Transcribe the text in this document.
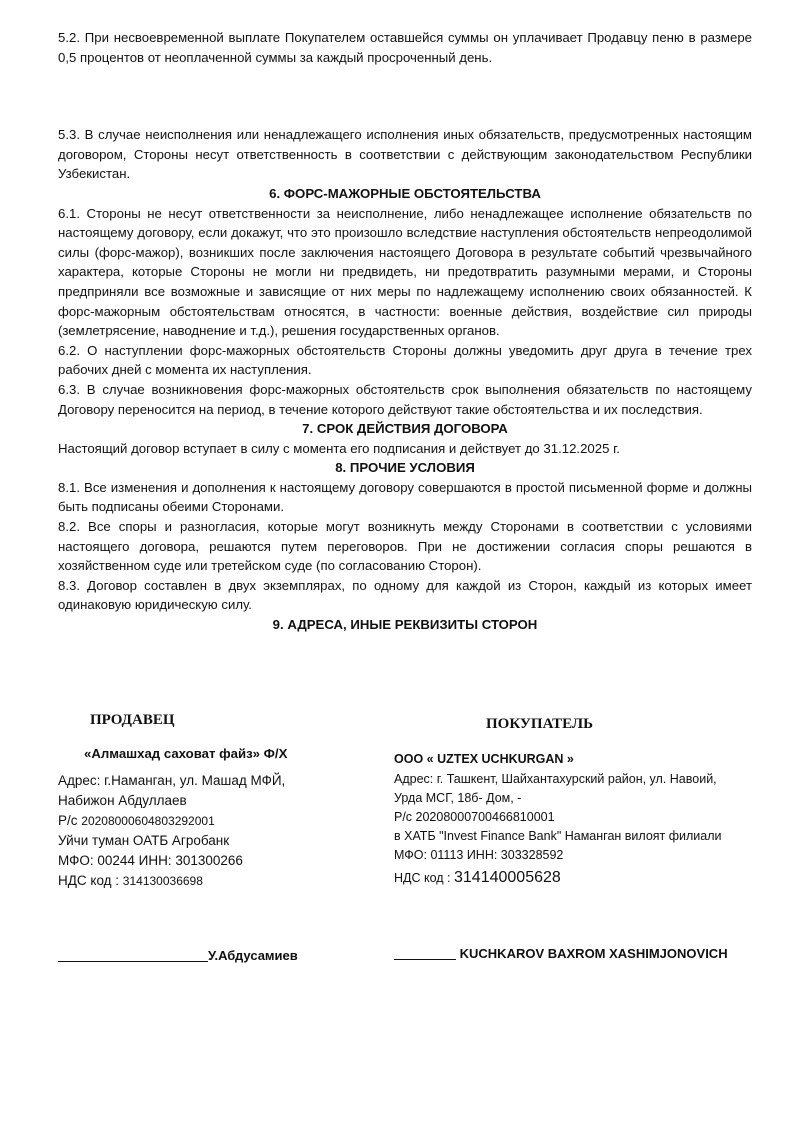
5.2. При несвоевременной выплате Покупателем оставшейся суммы он уплачивает Продавцу пеню в размере 0,5 процентов от неоплаченной суммы за каждый просроченный день.

5.3. В случае неисполнения или ненадлежащего исполнения иных обязательств, предусмотренных настоящим договором, Стороны несут ответственность в соответствии с действующим законодательством Республики Узбекистан.

6. ФОРС-МАЖОРНЫЕ ОБСТОЯТЕЛЬСТВА

6.1. Стороны не несут ответственности за неисполнение, либо ненадлежащее исполнение обязательств по настоящему договору, если докажут, что это произошло вследствие наступления обстоятельств непреодолимой силы (форс-мажор), возникших после заключения настоящего Договора в результате событий чрезвычайного характера, которые Стороны не могли ни предвидеть, ни предотвратить разумными мерами, и Стороны предприняли все возможные и зависящие от них меры по надлежащему исполнению своих обязанностей. К форс-мажорным обстоятельствам относятся, в частности: военные действия, воздействие сил природы (землетрясение, наводнение и т.д.), решения государственных органов.

6.2. О наступлении форс-мажорных обстоятельств Стороны должны уведомить друг друга в течение трех рабочих дней с момента их наступления.

6.3. В случае возникновения форс-мажорных обстоятельств срок выполнения обязательств по настоящему Договору переносится на период, в течение которого действуют такие обстоятельства и их последствия.

7. СРОК ДЕЙСТВИЯ ДОГОВОРА

Настоящий договор вступает в силу с момента его подписания и действует до 31.12.2025 г.

8. ПРОЧИЕ УСЛОВИЯ

8.1. Все изменения и дополнения к настоящему договору совершаются в простой письменной форме и должны быть подписаны обеими Сторонами.

8.2. Все споры и разногласия, которые могут возникнуть между Сторонами в соответствии с условиями настоящего договора, решаются путем переговоров. При не достижении согласия споры решаются в хозяйственном суде или третейском суде (по согласованию Сторон).

8.3. Договор составлен в двух экземплярах, по одному для каждой из Сторон, каждый из которых имеет одинаковую юридическую силу.

9. АДРЕСА, ИНЫЕ РЕКВИЗИТЫ СТОРОН
ПРОДАВЕЦ	ПОКУПАТЕЛЬ
«Алмашхад саховат файз» Ф/Х	ООО « UZTEX UCHKURGAN »
Адрес: г.Наманган, ул. Машад МФЙ,
Набижон Абдуллаев
Р/с 20208000604803292001
Уйчи туман ОАТБ Агробанк
МФО: 00244 ИНН: 301300266
НДС код : 314130036698
Адрес: г. Ташкент, Шайхантахурский район, ул. Навоий,
Урда МСГ, 18б- Дом, -
Р/с 20208000700466810001
в ХАТБ "Invest Finance Bank" Наманган вилоят филиали
МФО: 01113 ИНН: 303328592
НДС код : 314140005628
У.Абдусамиев	KUCHKAROV BAXROM XASHIMJONOVICH
